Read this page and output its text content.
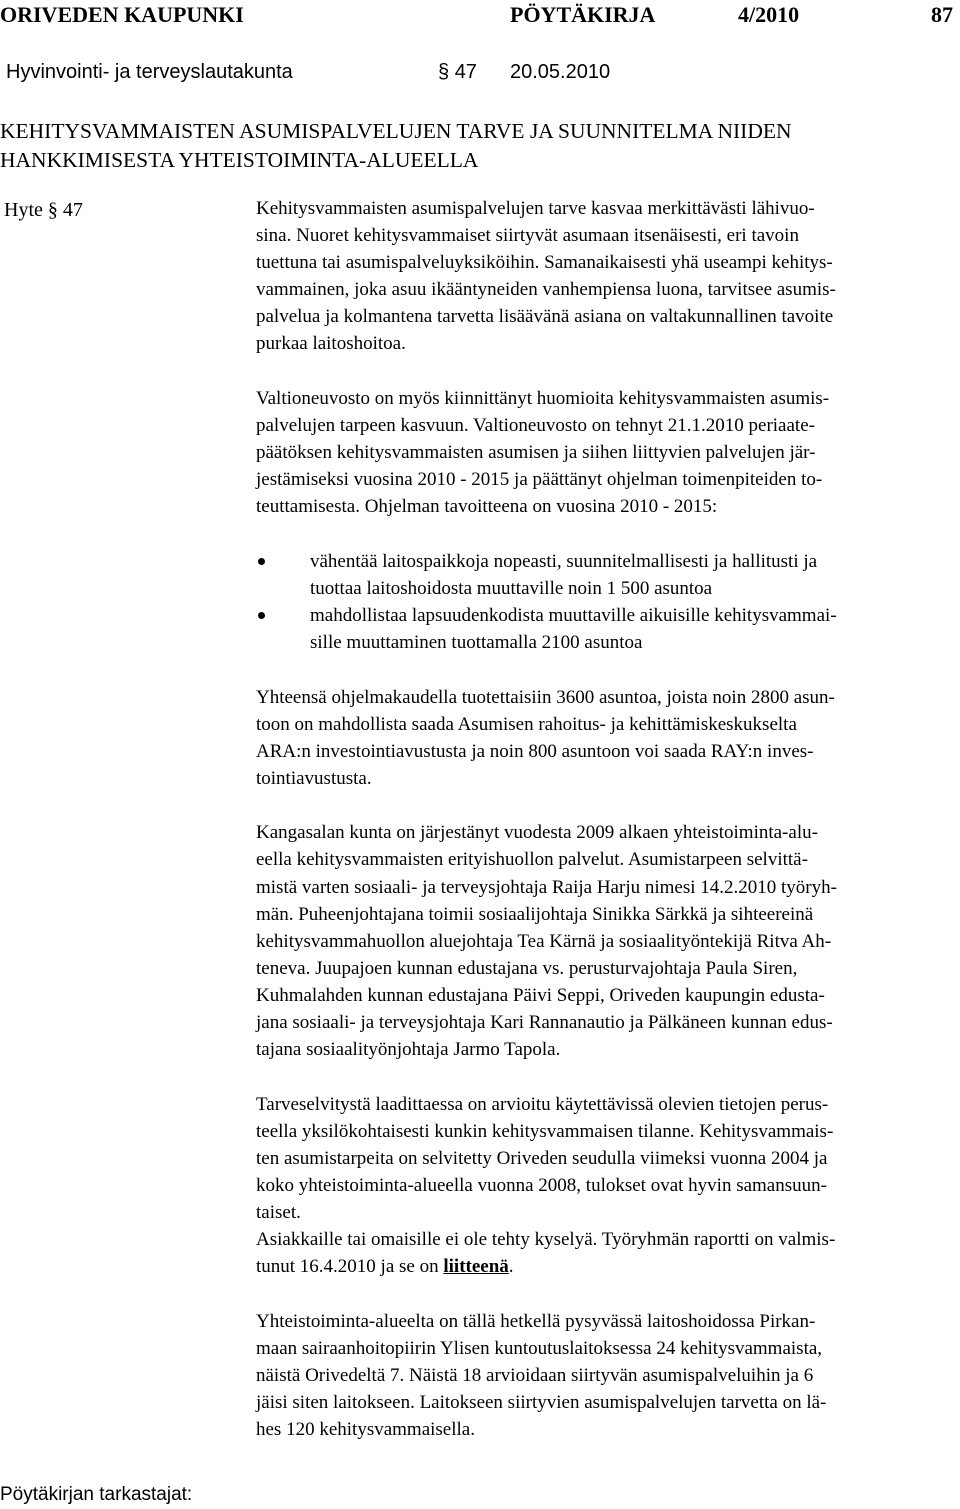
ORIVEDEN KAUPUNKI	PÖYTÄKIRJA	4/2010	87
Hyvinvointi- ja terveyslautakunta	§ 47 20.05.2010
KEHITYSVAMMAISTEN ASUMISPALVELUJEN TARVE JA SUUNNITELMA NIIDEN
HANKKIMISESTA YHTEISTOIMINTA-ALUEELLA
Hyte § 47	Kehitysvammaisten asumispalvelujen tarve kasvaa merkittävästi lähivuo-
sina. Nuoret kehitysvammaiset siirtyvät asumaan itsenäisesti, eri tavoin
tuettuna tai asumispalveluyksiköihin. Samanaikaisesti yhä useampi kehitys-
vammainen, joka asuu ikääntyneiden vanhempiensa luona, tarvitsee asumis-
palvelua ja kolmantena tarvetta lisäävänä asiana on valtakunnallinen tavoite
purkaa laitoshoitoa.
Valtioneuvosto on myös kiinnittänyt huomioita kehitysvammaisten asumis-
palvelujen tarpeen kasvuun. Valtioneuvosto on tehnyt 21.1.2010 periaate-
päätöksen kehitysvammaisten asumisen ja siihen liittyvien palvelujen jär-
jestämiseksi vuosina 2010 - 2015 ja päättänyt ohjelman toimenpiteiden to-
teuttamisesta. Ohjelman tavoitteena on vuosina 2010 - 2015:
vähentää laitospaikkoja nopeasti, suunnitelmallisesti ja hallitusti ja
tuottaa laitoshoidosta muuttaville noin 1 500 asuntoa
mahdollistaa lapsuudenkodista muuttaville aikuisille kehitysvammai-
sille muuttaminen tuottamalla 2100 asuntoa
Yhteensä ohjelmakaudella tuotettaisiin 3600 asuntoa, joista noin 2800 asun-
toon on mahdollista saada Asumisen rahoitus- ja kehittämiskeskukselta
ARA:n investointiavustusta ja noin 800 asuntoon voi saada RAY:n inves-
tointiavustusta.
Kangasalan kunta on järjestänyt vuodesta 2009 alkaen yhteistoiminta-alu-
eella kehitysvammaisten erityishuollon palvelut. Asumistarpeen selvittä-
mistä varten sosiaali- ja terveysjohtaja Raija Harju nimesi 14.2.2010 työryh-
män. Puheenjohtajana toimii sosiaalijohtaja Sinikka Särkkä ja sihteereinä
kehitysvammahuollon aluejohtaja Tea Kärnä ja sosiaalityöntekijä Ritva Ah-
teneva. Juupajoen kunnan edustajana vs. perusturvajohtaja Paula Siren,
Kuhmalahden kunnan edustajana Päivi Seppi, Oriveden kaupungin edusta-
jana sosiaali- ja terveysjohtaja Kari Rannanautio ja Pälkäneen kunnan edus-
tajana sosiaalityönjohtaja Jarmo Tapola.
Tarveselvitystä laadittaessa on arvioitu käytettävissä olevien tietojen perus-
teella yksilökohtaisesti kunkin kehitysvammaisen tilanne. Kehitysvammais-
ten asumistarpeita on selvitetty Oriveden seudulla viimeksi vuonna 2004 ja
koko yhteistoiminta-alueella vuonna 2008, tulokset ovat hyvin samansuun-
taiset.
Asiakkaille tai omaisille ei ole tehty kyselyä. Työryhmän raportti on valmis-
tunut 16.4.2010 ja se on liitteenä.
Yhteistoiminta-alueelta on tällä hetkellä pysyvässä laitoshoidossa Pirkan-
maan sairaanhoitopiirin Ylisen kuntoutuslaitoksessa 24 kehitysvammaista,
näistä Orivedeltä 7. Näistä 18 arvioidaan siirtyvän asumispalveluihin ja 6
jäisi siten laitokseen. Laitokseen siirtyvien asumispalvelujen tarvetta on lä-
hes 120 kehitysvammaisella.
Pöytäkirjan tarkastajat:
